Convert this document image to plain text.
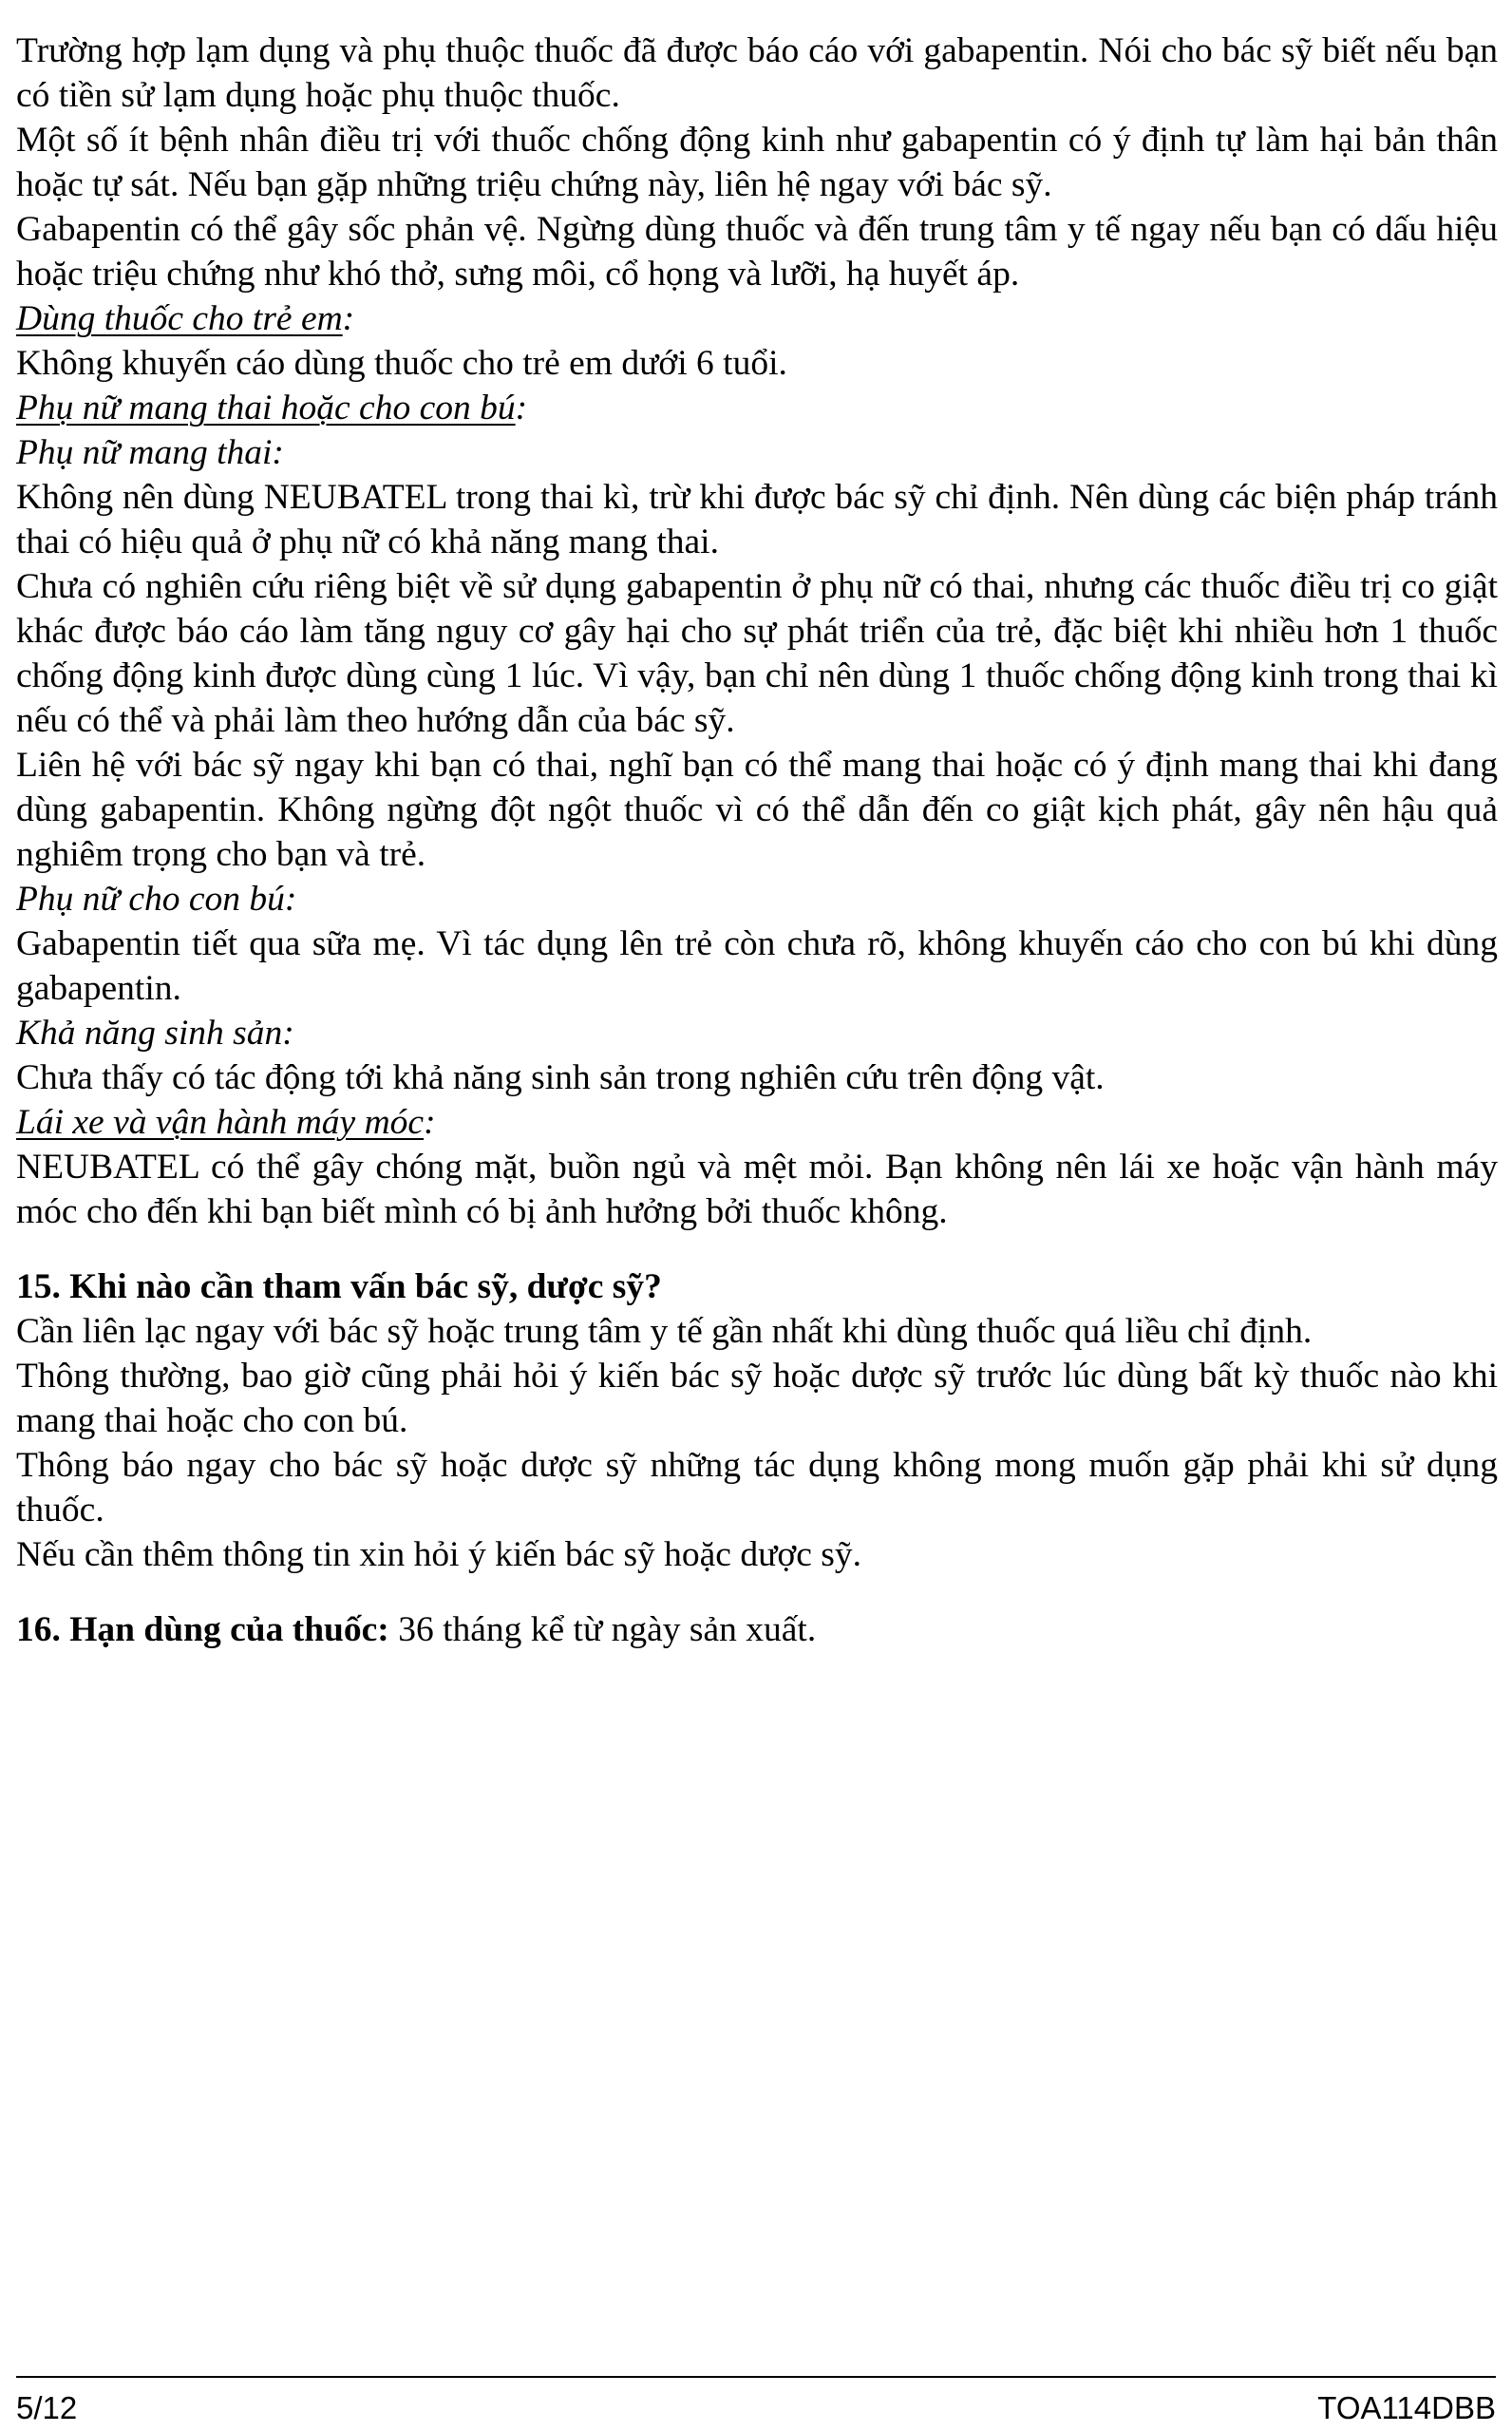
Trường hợp lạm dụng và phụ thuộc thuốc đã được báo cáo với gabapentin. Nói cho bác sỹ biết nếu bạn có tiền sử lạm dụng hoặc phụ thuộc thuốc.

Một số ít bệnh nhân điều trị với thuốc chống động kinh như gabapentin có ý định tự làm hại bản thân hoặc tự sát. Nếu bạn gặp những triệu chứng này, liên hệ ngay với bác sỹ.

Gabapentin có thể gây sốc phản vệ. Ngừng dùng thuốc và đến trung tâm y tế ngay nếu bạn có dấu hiệu hoặc triệu chứng như khó thở, sưng môi, cổ họng và lưỡi, hạ huyết áp.

Dùng thuốc cho trẻ em:

Không khuyến cáo dùng thuốc cho trẻ em dưới 6 tuổi.

Phụ nữ mang thai hoặc cho con bú:

Phụ nữ mang thai:

Không nên dùng NEUBATEL trong thai kì, trừ khi được bác sỹ chỉ định. Nên dùng các biện pháp tránh thai có hiệu quả ở phụ nữ có khả năng mang thai.

Chưa có nghiên cứu riêng biệt về sử dụng gabapentin ở phụ nữ có thai, nhưng các thuốc điều trị co giật khác được báo cáo làm tăng nguy cơ gây hại cho sự phát triển của trẻ, đặc biệt khi nhiều hơn 1 thuốc chống động kinh được dùng cùng 1 lúc. Vì vậy, bạn chỉ nên dùng 1 thuốc chống động kinh trong thai kì nếu có thể và phải làm theo hướng dẫn của bác sỹ.

Liên hệ với bác sỹ ngay khi bạn có thai, nghĩ bạn có thể mang thai hoặc có ý định mang thai khi đang dùng gabapentin. Không ngừng đột ngột thuốc vì có thể dẫn đến co giật kịch phát, gây nên hậu quả nghiêm trọng cho bạn và trẻ.

Phụ nữ cho con bú:

Gabapentin tiết qua sữa mẹ. Vì tác dụng lên trẻ còn chưa rõ, không khuyến cáo cho con bú khi dùng gabapentin.

Khả năng sinh sản:

Chưa thấy có tác động tới khả năng sinh sản trong nghiên cứu trên động vật.

Lái xe và vận hành máy móc:

NEUBATEL có thể gây chóng mặt, buồn ngủ và mệt mỏi. Bạn không nên lái xe hoặc vận hành máy móc cho đến khi bạn biết mình có bị ảnh hưởng bởi thuốc không.

15. Khi nào cần tham vấn bác sỹ, dược sỹ?

Cần liên lạc ngay với bác sỹ hoặc trung tâm y tế gần nhất khi dùng thuốc quá liều chỉ định.

Thông thường, bao giờ cũng phải hỏi ý kiến bác sỹ hoặc dược sỹ trước lúc dùng bất kỳ thuốc nào khi mang thai hoặc cho con bú.

Thông báo ngay cho bác sỹ hoặc dược sỹ những tác dụng không mong muốn gặp phải khi sử dụng thuốc.

Nếu cần thêm thông tin xin hỏi ý kiến bác sỹ hoặc dược sỹ.

16. Hạn dùng của thuốc: 36 tháng kể từ ngày sản xuất.

5/12	TOA114DBB
